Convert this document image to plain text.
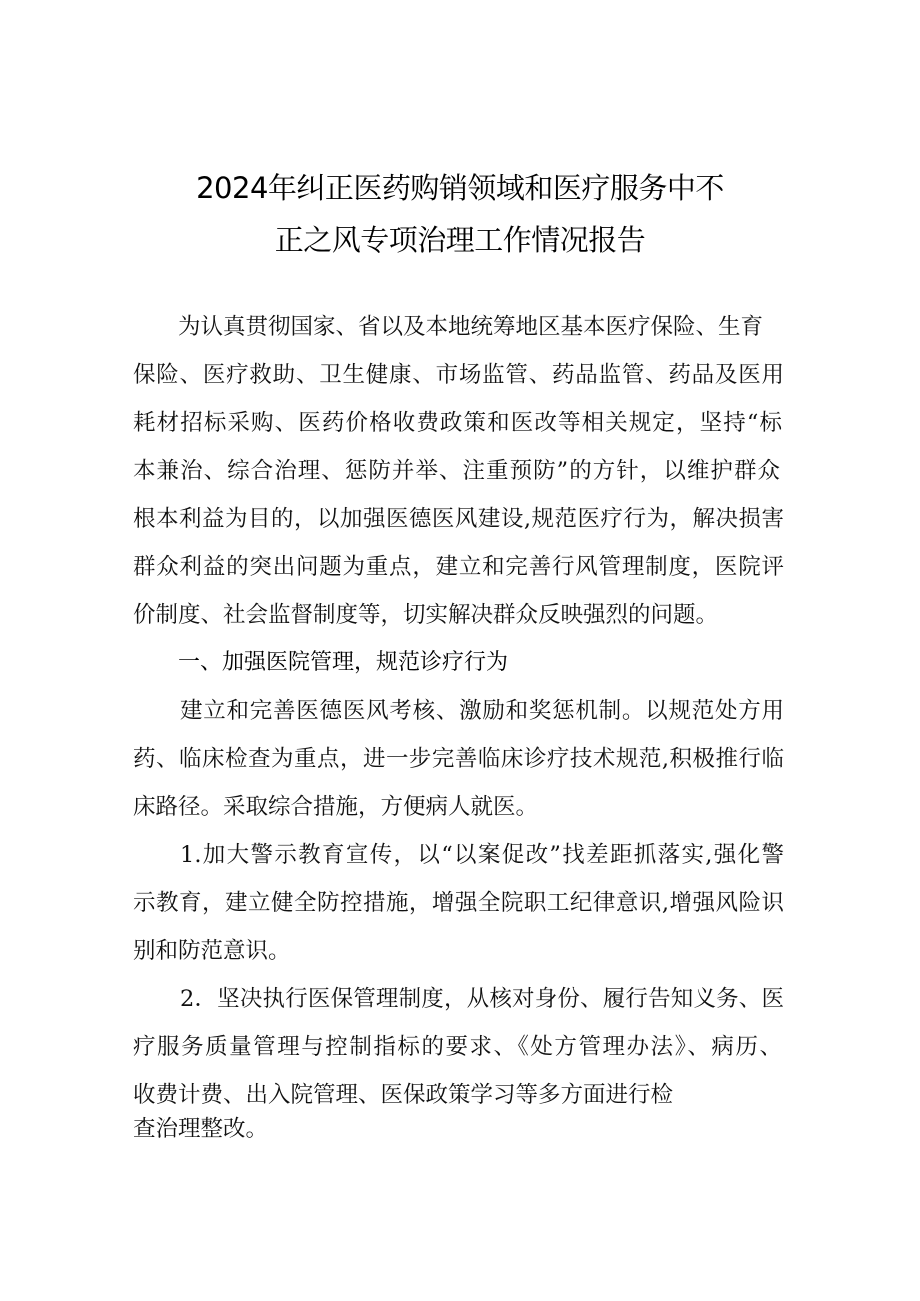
2024年纠正医药购销领域和医疗服务中不
正之风专项治理工作情况报告
为认真贯彻国家、省以及本地统筹地区基本医疗保险、生育
保险、医疗救助、卫生健康、市场监管、药品监管、药品及医用
耗材招标采购、医药价格收费政策和医改等相关规定，坚持“标
本兼治、综合治理、惩防并举、注重预防”的方针，以维护群众
根本利益为目的，以加强医德医风建设,规范医疗行为，解决损害
群众利益的突出问题为重点，建立和完善行风管理制度，医院评
价制度、社会监督制度等，切实解决群众反映强烈的问题。
一、加强医院管理，规范诊疗行为
建立和完善医德医风考核、激励和奖惩机制。以规范处方用
药、临床检查为重点，进一步完善临床诊疗技术规范,积极推行临
床路径。采取综合措施，方便病人就医。
1.加大警示教育宣传，以“以案促改”找差距抓落实,强化警
示教育，建立健全防控措施，增强全院职工纪律意识,增强风险识
别和防范意识。
2．坚决执行医保管理制度，从核对身份、履行告知义务、医
疗服务质量管理与控制指标的要求、《处方管理办法》、病历、
收费计费、出入院管理、医保政策学习等多方面进行检
查治理整改。
